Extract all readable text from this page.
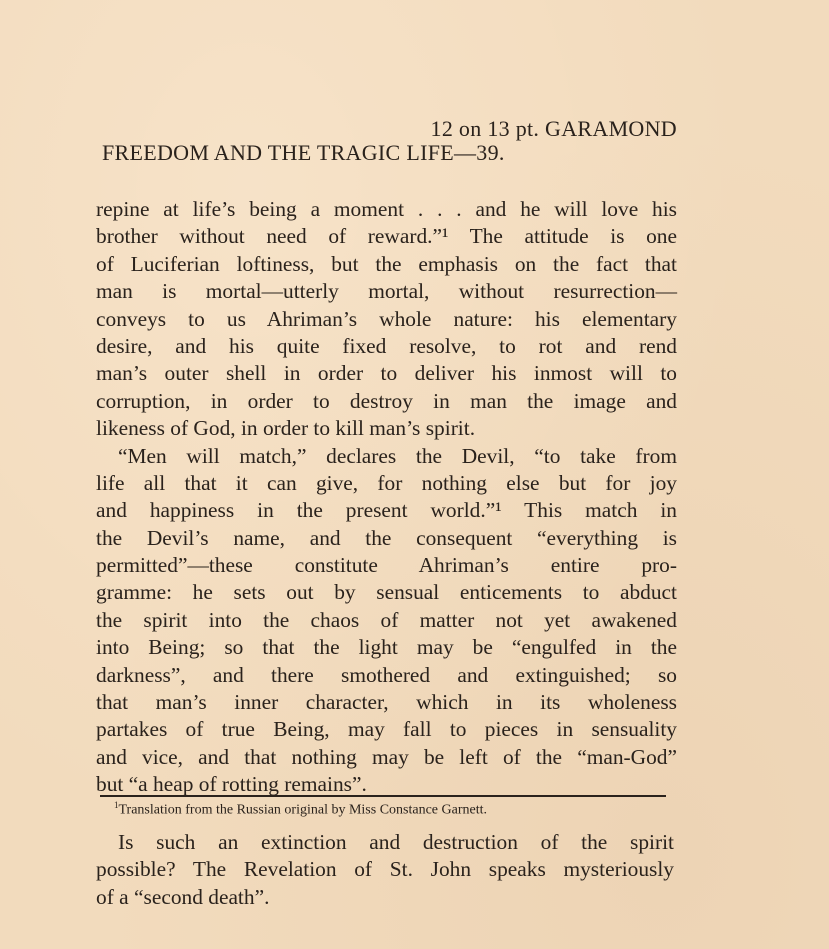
12 on 13 pt. GARAMOND
FREEDOM AND THE TRAGIC LIFE—39.
repine at life’s being a moment . . . and he will love his
brother without need of reward.”¹ The attitude is one
of Luciferian loftiness, but the emphasis on the fact that
man is mortal—utterly mortal, without resurrection—
conveys to us Ahriman’s whole nature: his elementary
desire, and his quite fixed resolve, to rot and rend
man’s outer shell in order to deliver his inmost will to
corruption, in order to destroy in man the image and
likeness of God, in order to kill man’s spirit.
“Men will match,” declares the Devil, “to take from
life all that it can give, for nothing else but for joy
and happiness in the present world.”¹ This match in
the Devil’s name, and the consequent “everything is
permitted”—these constitute Ahriman’s entire pro-
gramme: he sets out by sensual enticements to abduct
the spirit into the chaos of matter not yet awakened
into Being; so that the light may be “engulfed in the
darkness”, and there smothered and extinguished; so
that man’s inner character, which in its wholeness
partakes of true Being, may fall to pieces in sensuality
and vice, and that nothing may be left of the “man-God”
but “a heap of rotting remains”.
$^1$Translation from the Russian original by Miss Constance Garnett.
Is such an extinction and destruction of the spirit
possible? The Revelation of St. John speaks mysteriously
of a “second death”.
